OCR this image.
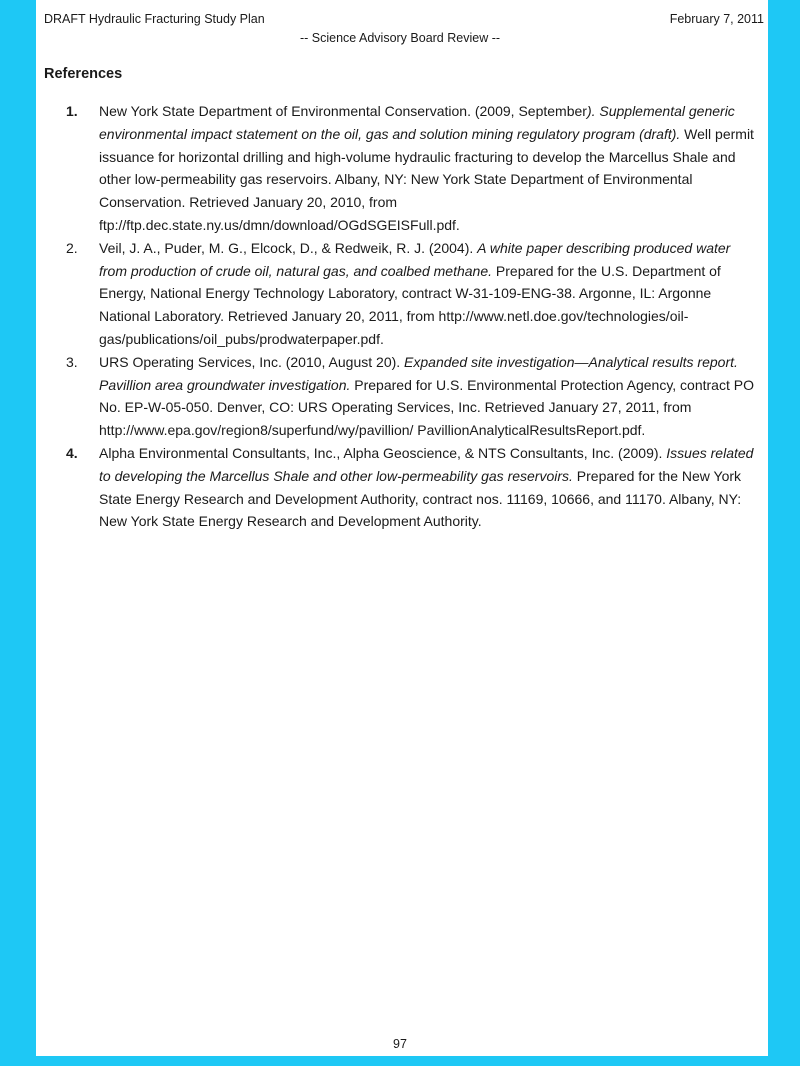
DRAFT Hydraulic Fracturing Study Plan	February 7, 2011
-- Science Advisory Board Review --
References
1. New York State Department of Environmental Conservation. (2009, September). Supplemental generic environmental impact statement on the oil, gas and solution mining regulatory program (draft). Well permit issuance for horizontal drilling and high-volume hydraulic fracturing to develop the Marcellus Shale and other low-permeability gas reservoirs. Albany, NY: New York State Department of Environmental Conservation. Retrieved January 20, 2010, from ftp://ftp.dec.state.ny.us/dmn/download/OGdSGEISFull.pdf.
2. Veil, J. A., Puder, M. G., Elcock, D., & Redweik, R. J. (2004). A white paper describing produced water from production of crude oil, natural gas, and coalbed methane. Prepared for the U.S. Department of Energy, National Energy Technology Laboratory, contract W-31-109-ENG-38. Argonne, IL: Argonne National Laboratory. Retrieved January 20, 2011, from http://www.netl.doe.gov/technologies/oil-gas/publications/oil_pubs/prodwaterpaper.pdf.
3. URS Operating Services, Inc. (2010, August 20). Expanded site investigation—Analytical results report. Pavillion area groundwater investigation. Prepared for U.S. Environmental Protection Agency, contract PO No. EP-W-05-050. Denver, CO: URS Operating Services, Inc. Retrieved January 27, 2011, from http://www.epa.gov/region8/superfund/wy/pavillion/ PavillionAnalyticalResultsReport.pdf.
4. Alpha Environmental Consultants, Inc., Alpha Geoscience, & NTS Consultants, Inc. (2009). Issues related to developing the Marcellus Shale and other low-permeability gas reservoirs. Prepared for the New York State Energy Research and Development Authority, contract nos. 11169, 10666, and 11170. Albany, NY: New York State Energy Research and Development Authority.
97
